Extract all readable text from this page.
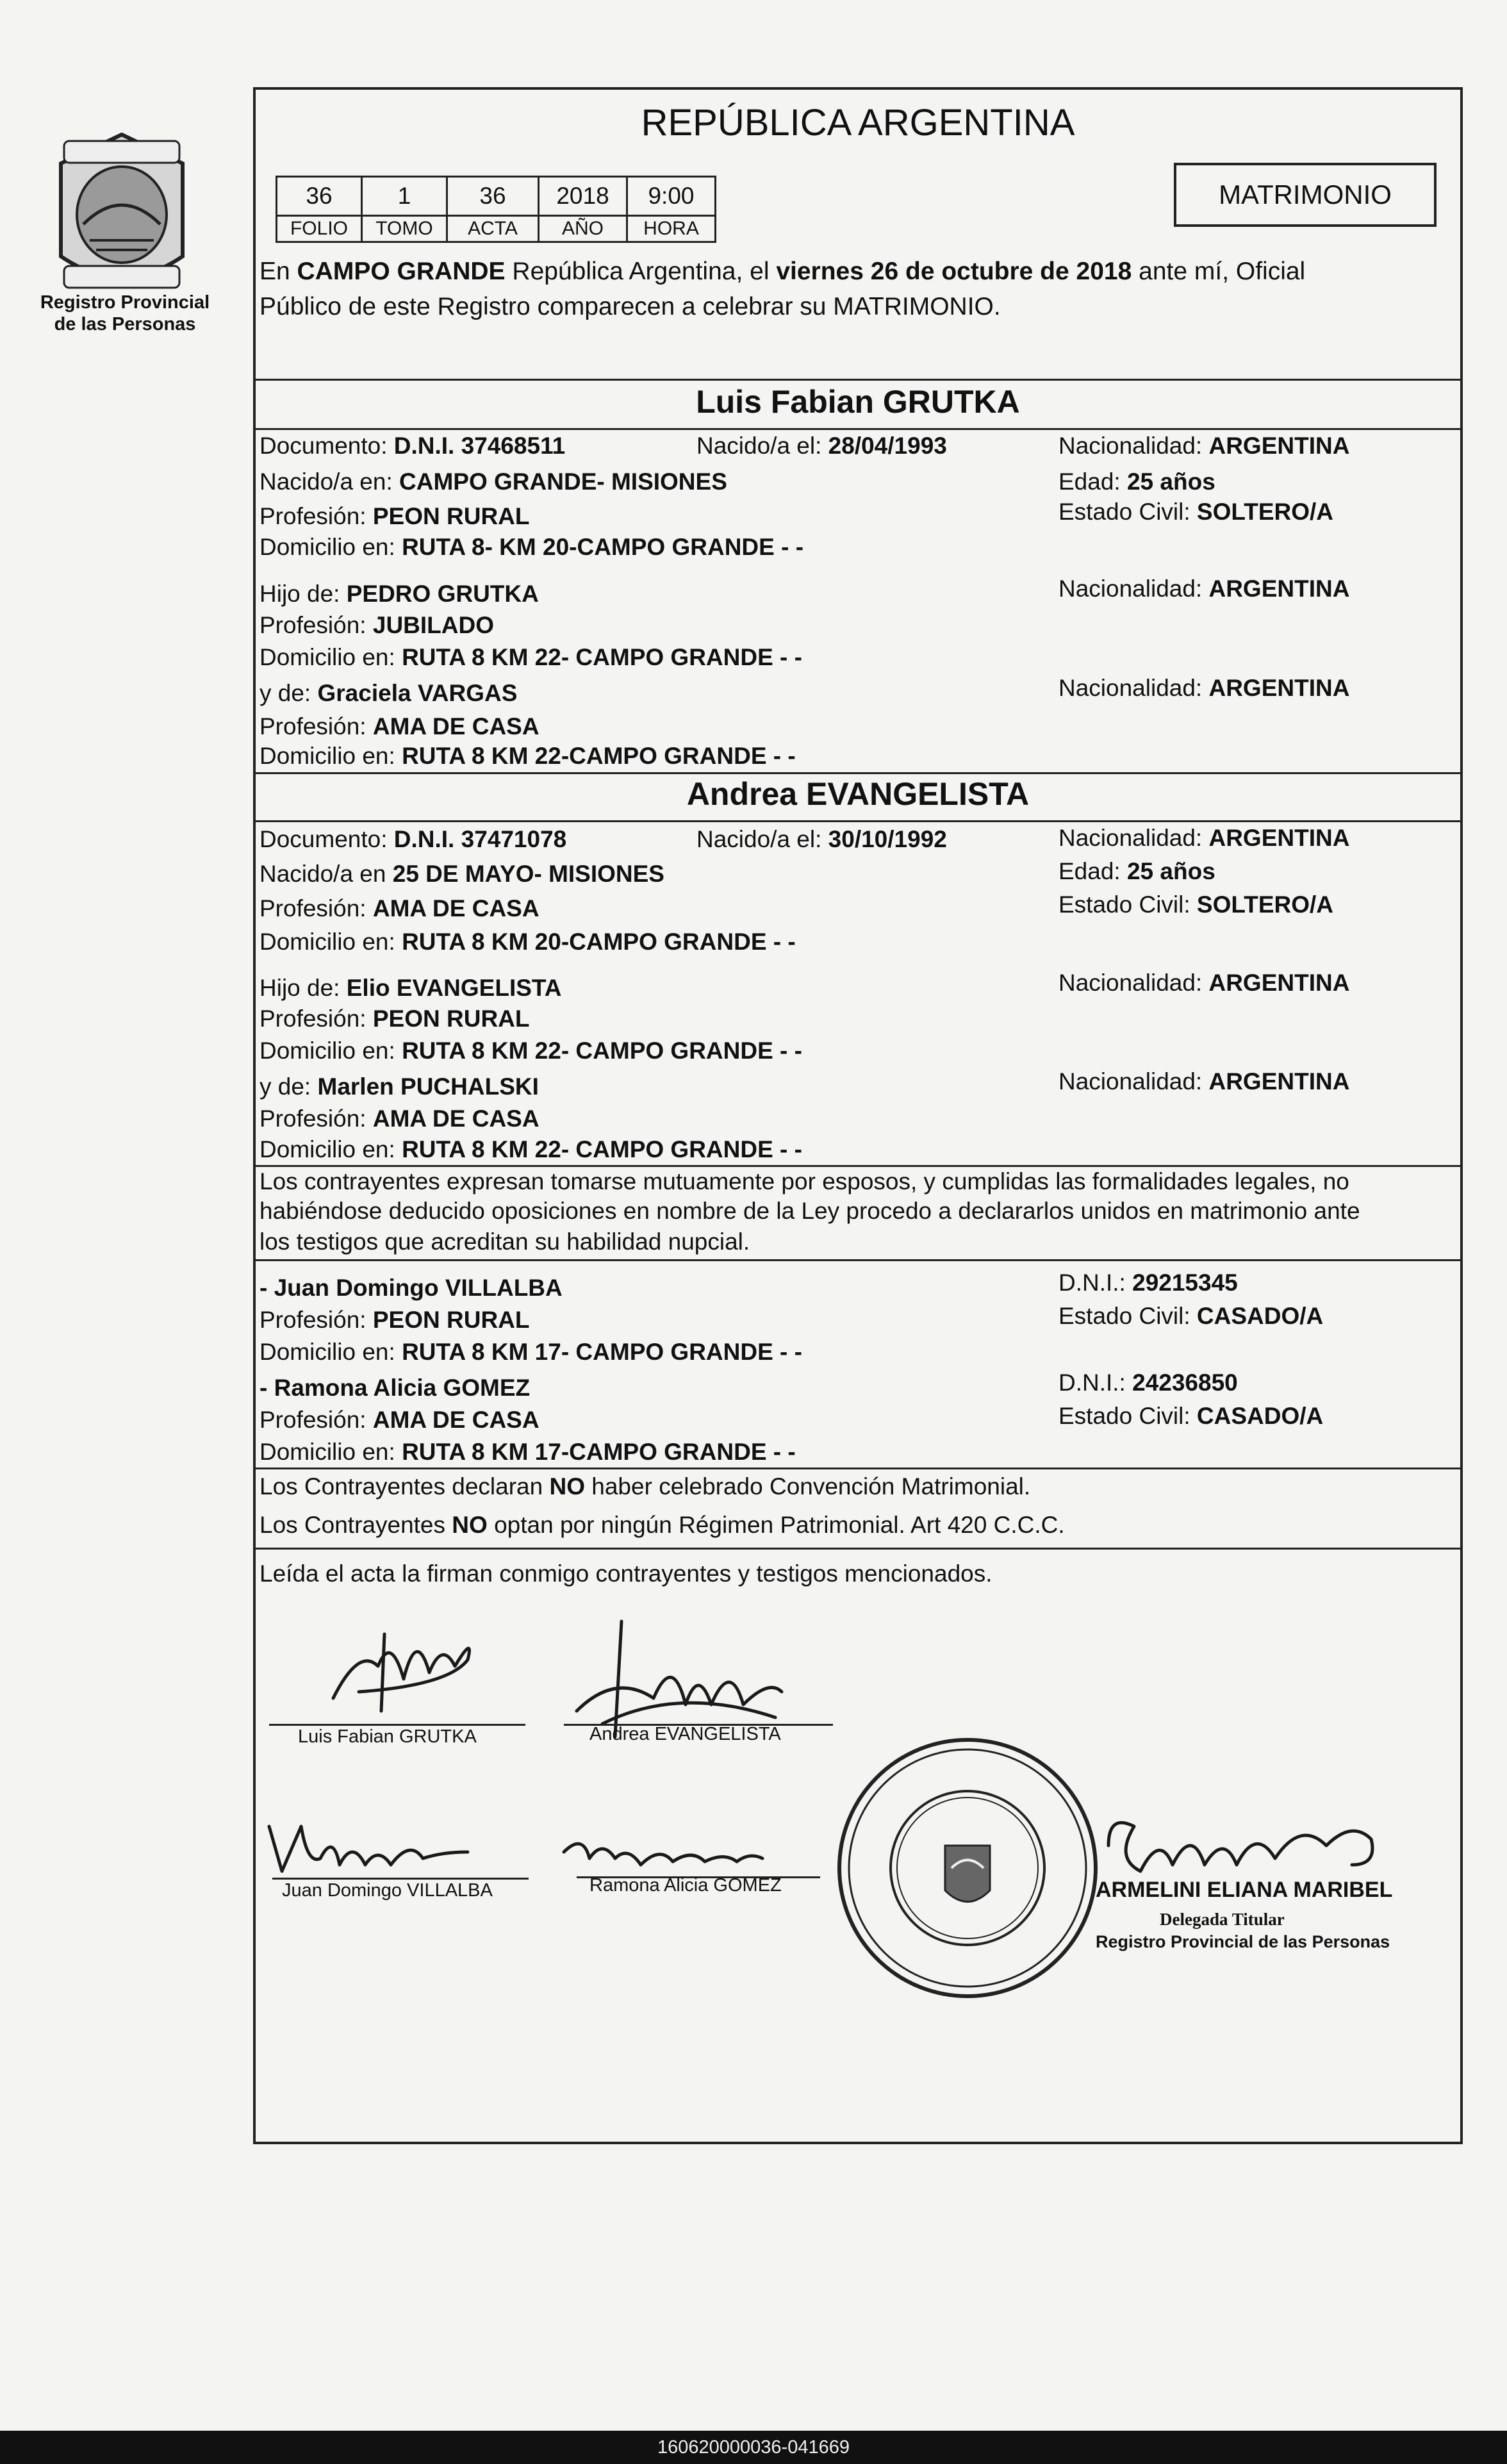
Registro Provincial
de las Personas
REPÚBLICA ARGENTINA
36	1	36	2018	9:00
FOLIO	TOMO	ACTA	AÑO	HORA
MATRIMONIO
En CAMPO GRANDE República Argentina, el viernes 26 de octubre de 2018 ante mí, Oficial
Público de este Registro comparecen a celebrar su MATRIMONIO.
Luis Fabian GRUTKA
Documento: D.N.I. 37468511	Nacido/a el: 28/04/1993	Nacionalidad: ARGENTINA
Nacido/a en: CAMPO GRANDE- MISIONES	Edad: 25 años
Profesión: PEON RURAL	Estado Civil: SOLTERO/A
Domicilio en: RUTA 8- KM 20-CAMPO GRANDE - -
Hijo de: PEDRO GRUTKA	Nacionalidad: ARGENTINA
Profesión: JUBILADO
Domicilio en: RUTA 8 KM 22- CAMPO GRANDE - -
y de: Graciela VARGAS	Nacionalidad: ARGENTINA
Profesión: AMA DE CASA
Domicilio en: RUTA 8 KM 22-CAMPO GRANDE - -
Andrea EVANGELISTA
Documento: D.N.I. 37471078	Nacido/a el: 30/10/1992	Nacionalidad: ARGENTINA
Nacido/a en 25 DE MAYO- MISIONES	Edad: 25 años
Profesión: AMA DE CASA	Estado Civil: SOLTERO/A
Domicilio en: RUTA 8 KM 20-CAMPO GRANDE - -
Hijo de: Elio EVANGELISTA	Nacionalidad: ARGENTINA
Profesión: PEON RURAL
Domicilio en: RUTA 8 KM 22- CAMPO GRANDE - -
y de: Marlen PUCHALSKI	Nacionalidad: ARGENTINA
Profesión: AMA DE CASA
Domicilio en: RUTA 8 KM 22- CAMPO GRANDE - -
Los contrayentes expresan tomarse mutuamente por esposos, y cumplidas las formalidades legales, no
habiéndose deducido oposiciones en nombre de la Ley procedo a declararlos unidos en matrimonio ante
los testigos que acreditan su habilidad nupcial.
- Juan Domingo VILLALBA	D.N.I.: 29215345
Profesión: PEON RURAL	Estado Civil: CASADO/A
Domicilio en: RUTA 8 KM 17- CAMPO GRANDE - -
- Ramona Alicia GOMEZ	D.N.I.: 24236850
Profesión: AMA DE CASA	Estado Civil: CASADO/A
Domicilio en: RUTA 8 KM 17-CAMPO GRANDE - -
Los Contrayentes declaran NO haber celebrado Convención Matrimonial.
Los Contrayentes NO optan por ningún Régimen Patrimonial. Art 420 C.C.C.
Leída el acta la firman conmigo contrayentes y testigos mencionados.
Luis Fabian GRUTKA	Andrea EVANGELISTA
Juan Domingo VILLALBA	Ramona Alicia GOMEZ	ARMELINI ELIANA MARIBEL
Delegada Titular
Registro Provincial de las Personas
160620000036-041669
